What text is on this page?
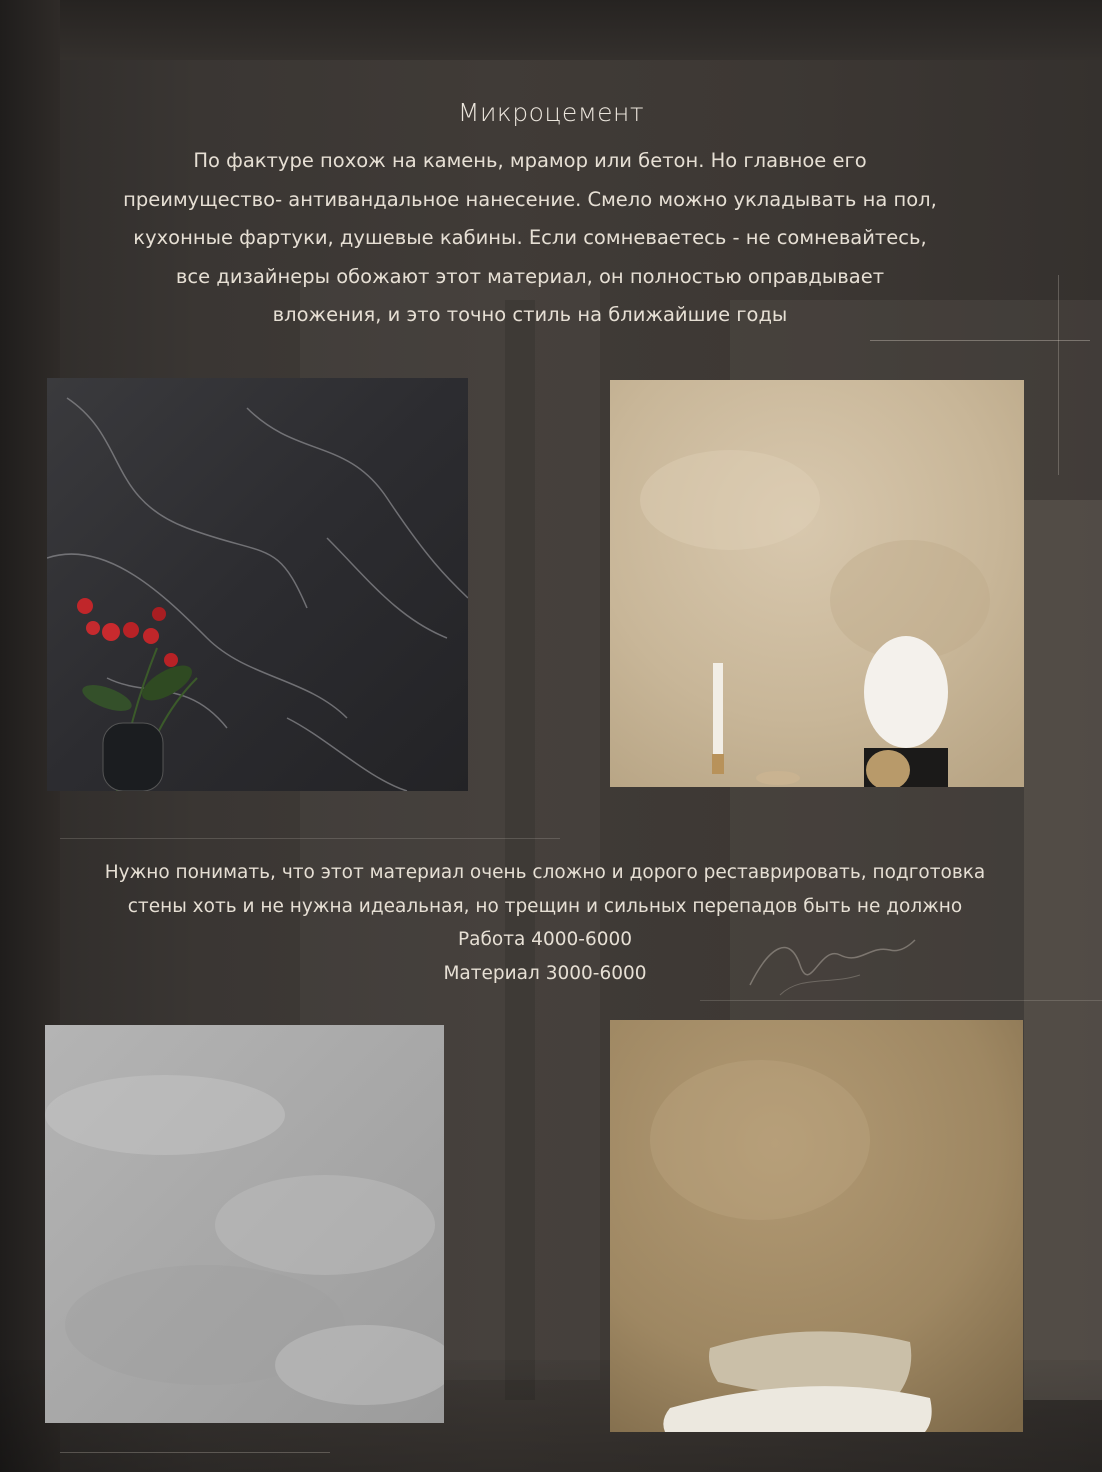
Микроцемент
По фактуре похож на камень, мрамор или бетон. Но главное его
преимущество- антивандальное нанесение. Смело можно укладывать на пол,
кухонные фартуки, душевые кабины. Если сомневаетесь - не сомневайтесь,
все дизайнеры обожают этот материал, он полностью оправдывает
вложения, и это точно стиль на ближайшие годы
Нужно понимать, что этот материал очень сложно и дорого реставрировать, подготовка
стены хоть и не нужна идеальная, но трещин и сильных перепадов быть не должно
Работа 4000-6000
Материал 3000-6000
